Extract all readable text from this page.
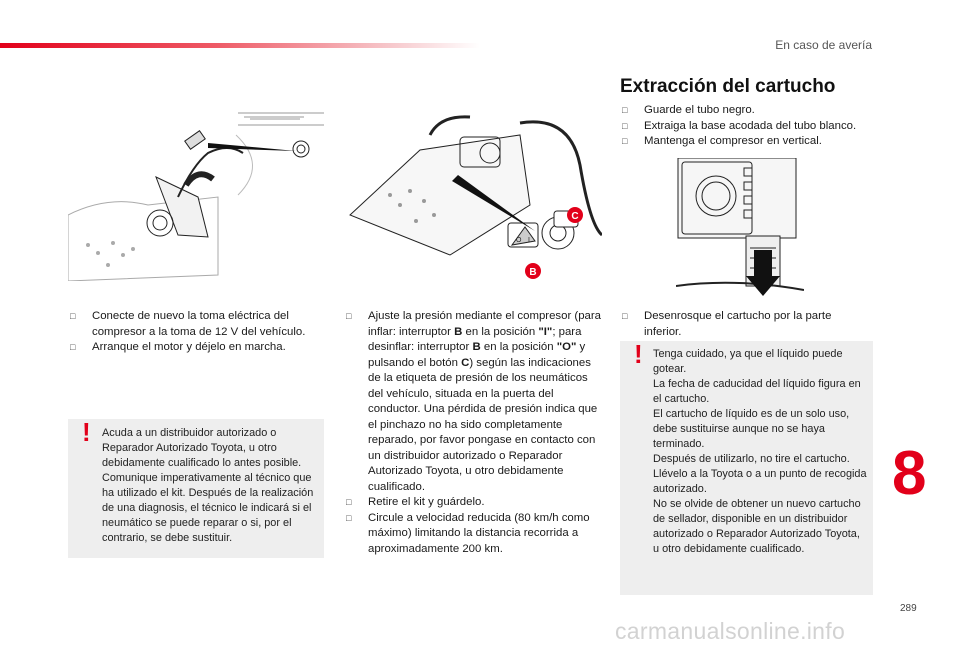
En caso de avería
C
B
O I
Extracción del cartucho
□ Guarde el tubo negro.
□ Extraiga la base acodada del tubo blanco.
□ Mantenga el compresor en vertical.
□ Desenrosque el cartucho por la parte inferior.
! Tenga cuidado, ya que el líquido puede gotear.
La fecha de caducidad del líquido figura en el cartucho.
El cartucho de líquido es de un solo uso, debe sustituirse aunque no se haya terminado.
Después de utilizarlo, no tire el cartucho. Llévelo a la Toyota o a un punto de recogida autorizado.
No se olvide de obtener un nuevo cartucho de sellador, disponible en un distribuidor autorizado o Reparador Autorizado Toyota, u otro debidamente cualificado.
□ Conecte de nuevo la toma eléctrica del compresor a la toma de 12 V del vehículo.
□ Arranque el motor y déjelo en marcha.
! Acuda a un distribuidor autorizado o Reparador Autorizado Toyota, u otro debidamente cualificado lo antes posible. Comunique imperativamente al técnico que ha utilizado el kit. Después de la realización de una diagnosis, el técnico le indicará si el neumático se puede reparar o si, por el contrario, se debe sustituir.
□ Ajuste la presión mediante el compresor (para inflar: interruptor B en la posición "I"; para desinflar: interruptor B en la posición "O" y pulsando el botón C) según las indicaciones de la etiqueta de presión de los neumáticos del vehículo, situada en la puerta del conductor. Una pérdida de presión indica que el pinchazo no ha sido completamente reparado, por favor pongase en contacto con un distribuidor autorizado o Reparador Autorizado Toyota, u otro debidamente cualificado.
□ Retire el kit y guárdelo.
□ Circule a velocidad reducida (80 km/h como máximo) limitando la distancia recorrida a aproximadamente 200 km.
8
289
carmanualsonline.info
